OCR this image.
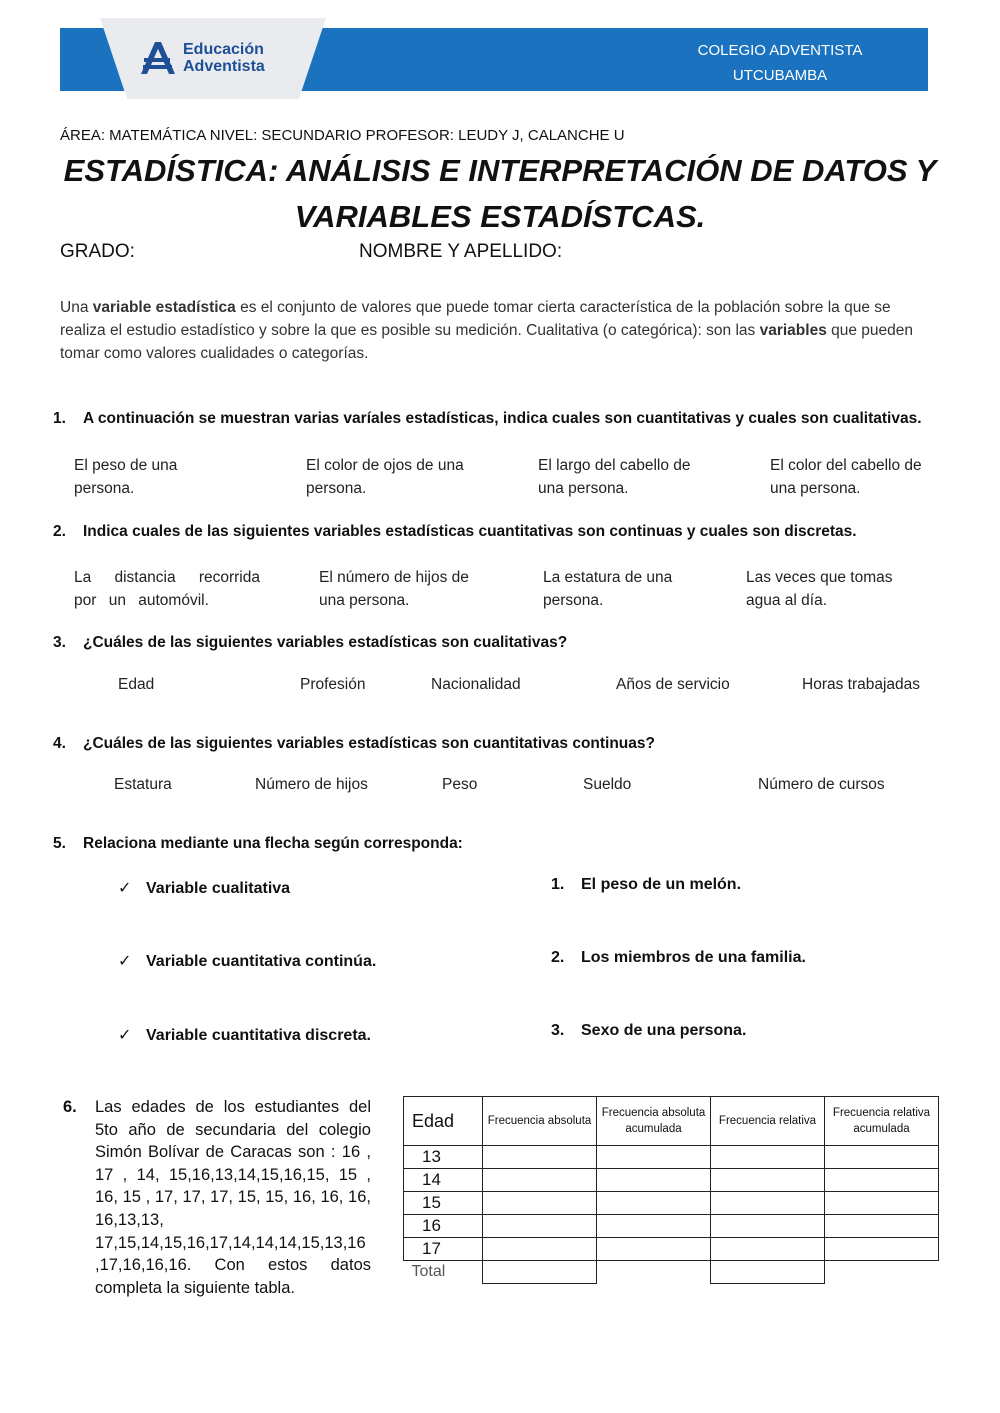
Educación
Adventista
COLEGIO ADVENTISTA
UTCUBAMBA
ÁREA: MATEMÁTICA NIVEL: SECUNDARIO PROFESOR: LEUDY J, CALANCHE U
ESTADÍSTICA: ANÁLISIS E INTERPRETACIÓN DE DATOS Y
VARIABLES ESTADÍSTCAS.
GRADO:	NOMBRE Y APELLIDO:
Una variable estadística es el conjunto de valores que puede tomar cierta característica de la población sobre la que se realiza el estudio estadístico y sobre la que es posible su medición. Cualitativa (o categórica): son las variables que pueden tomar como valores cualidades o categorías.
1. A continuación se muestran varias varíales estadísticas, indica cuales son cuantitativas y cuales son cualitativas.
El peso de una persona.
El color de ojos de una persona.
El largo del cabello de una persona.
El color del cabello de una persona.
2. Indica cuales de las siguientes variables estadísticas cuantitativas son continuas y cuales son discretas.
La distancia recorrida por un automóvil.
El número de hijos de una persona.
La estatura de una persona.
Las veces que tomas agua al día.
3. ¿Cuáles de las siguientes variables estadísticas son cualitativas?
Edad	Profesión	Nacionalidad	Años de servicio	Horas trabajadas
4. ¿Cuáles de las siguientes variables estadísticas son cuantitativas continuas?
Estatura	Número de hijos	Peso	Sueldo	Número de cursos
5. Relaciona mediante una flecha según corresponda:
✓ Variable cualitativa
✓ Variable cuantitativa continúa.
✓ Variable cuantitativa discreta.
1. El peso de un melón.
2. Los miembros de una familia.
3. Sexo de una persona.
6. Las edades de los estudiantes del 5to año de secundaria del colegio Simón Bolívar de Caracas son : 16 , 17 , 14, 15,16,13,14,15,16,15, 15 , 16, 15 , 17, 17, 17, 15, 15, 16, 16, 16, 16,13,13, 17,15,14,15,16,17,14,14,14,15,13,16 ,17,16,16,16. Con estos datos completa la siguiente tabla.
Edad	Frecuencia absoluta	Frecuencia absoluta acumulada	Frecuencia relativa	Frecuencia relativa acumulada
13				
14				
15				
16				
17				
Total				
